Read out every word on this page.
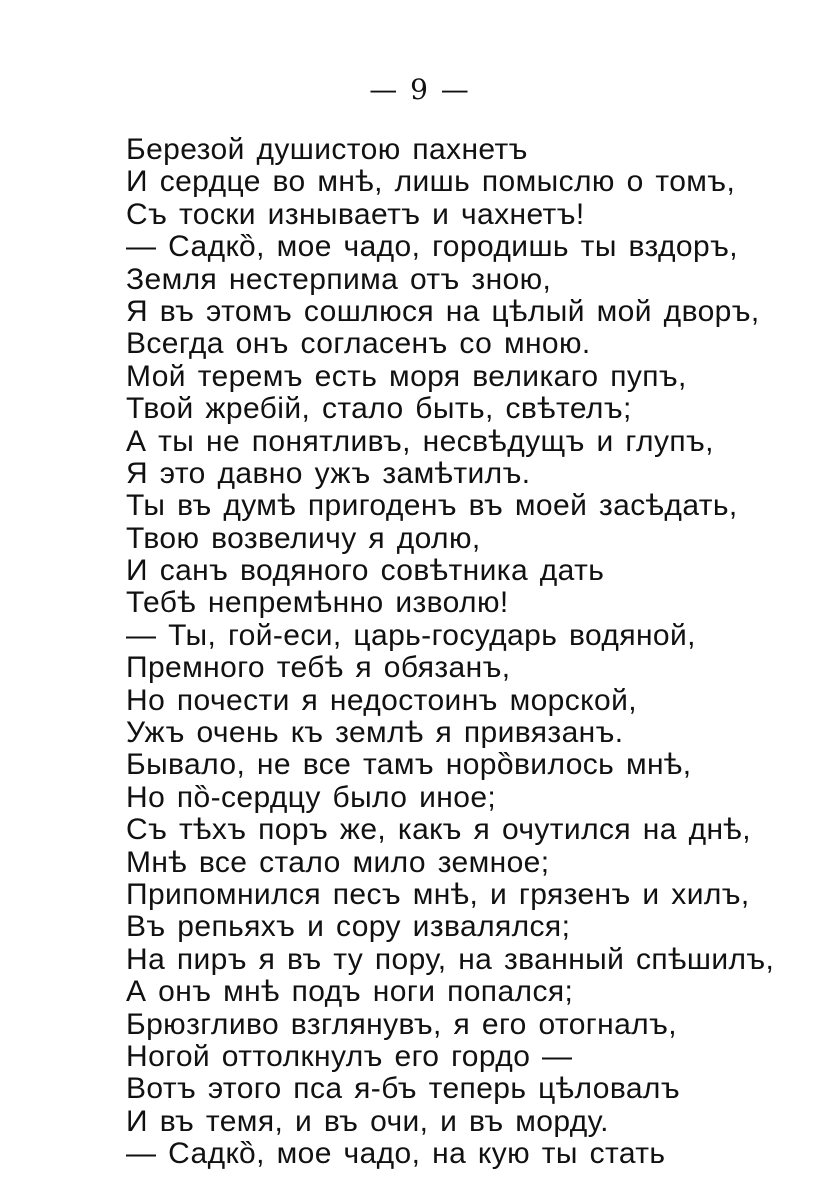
— 9 —
Березой душистою пахнетъ
И сердце во мнѣ, лишь помыслю о томъ,
Съ тоски изнываетъ и чахнетъ!
— Садкȍ, мое чадо, городишь ты вздоръ,
Земля нестерпима отъ зною,
Я въ этомъ сошлюся на цѣлый мой дворъ,
Всегда онъ согласенъ со мною.
Мой теремъ есть моря великаго пупъ,
Твой жребій, стало быть, свѣтелъ;
А ты не понятливъ, несвѣдущъ и глупъ,
Я это давно ужъ замѣтилъ.
Ты въ думѣ пригоденъ въ моей засѣдать,
Твою возвеличу я долю,
И санъ водяного совѣтника дать
Тебѣ непремѣнно изволю!
— Ты, гой-еси, царь-государь водяной,
Премного тебѣ я обязанъ,
Но почести я недостоинъ морской,
Ужъ очень къ землѣ я привязанъ.
Бывало, не все тамъ норȍвилось мнѣ,
Но пȍ-сердцу было иное;
Съ тѣхъ поръ же, какъ я очутился на днѣ,
Мнѣ все стало мило земное;
Припомнился песъ мнѣ, и грязенъ и хилъ,
Въ репьяхъ и сору извалялся;
На пиръ я въ ту пору, на званный спѣшилъ,
А онъ мнѣ подъ ноги попался;
Брюзгливо взглянувъ, я его отогналъ,
Ногой оттолкнулъ его гордо —
Вотъ этого пса я-бъ теперь цѣловалъ
И въ темя, и въ очи, и въ морду.
— Садкȍ, мое чадо, на кую ты стать
